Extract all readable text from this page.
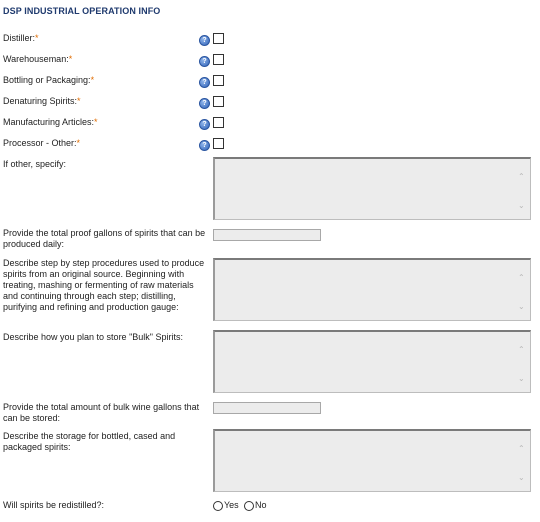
DSP INDUSTRIAL OPERATION INFO
Distiller:*	?
Warehouseman:*	?
Bottling or Packaging:*	?
Denaturing Spirits:*	?
Manufacturing Articles:*	?
Processor - Other:*	?
If other, specify:
⌃
⌄
Provide the total proof gallons of spirits that can be produced daily:
Describe step by step procedures used to produce spirits from an original source. Beginning with treating, mashing or fermenting of raw materials and continuing through each step; distilling, purifying and refining and production gauge:
⌃
⌄
Describe how you plan to store "Bulk" Spirits:
⌃
⌄
Provide the total amount of bulk wine gallons that can be stored:
Describe the storage for bottled, cased and packaged spirits:	⌃
⌄
Will spirits be redistilled?:	Yes No
